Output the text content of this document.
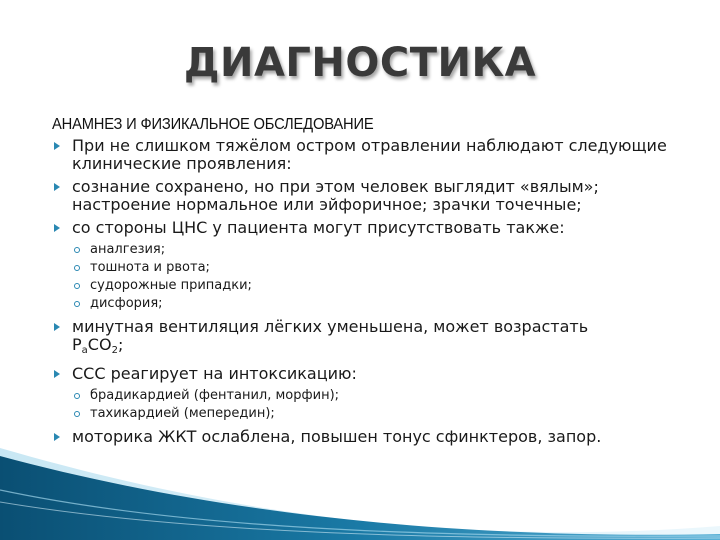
ДИАГНОСТИКА
АНАМНЕЗ И ФИЗИКАЛЬНОЕ ОБСЛЕДОВАНИЕ
При не слишком тяжёлом остром отравлении наблюдают следующие клинические проявления:
сознание сохранено, но при этом человек выглядит «вялым»; настроение нормальное или эйфоричное; зрачки точечные;
со стороны ЦНС у пациента могут присутствовать также:
аналгезия;
тошнота и рвота;
судорожные припадки;
дисфория;
минутная вентиляция лёгких уменьшена, может возрастать
$P_aCO_2$;
ССС реагирует на интоксикацию:
брадикардией (фентанил, морфин);
тахикардией (мепередин);
моторика ЖКТ ослаблена, повышен тонус сфинктеров, запор.
